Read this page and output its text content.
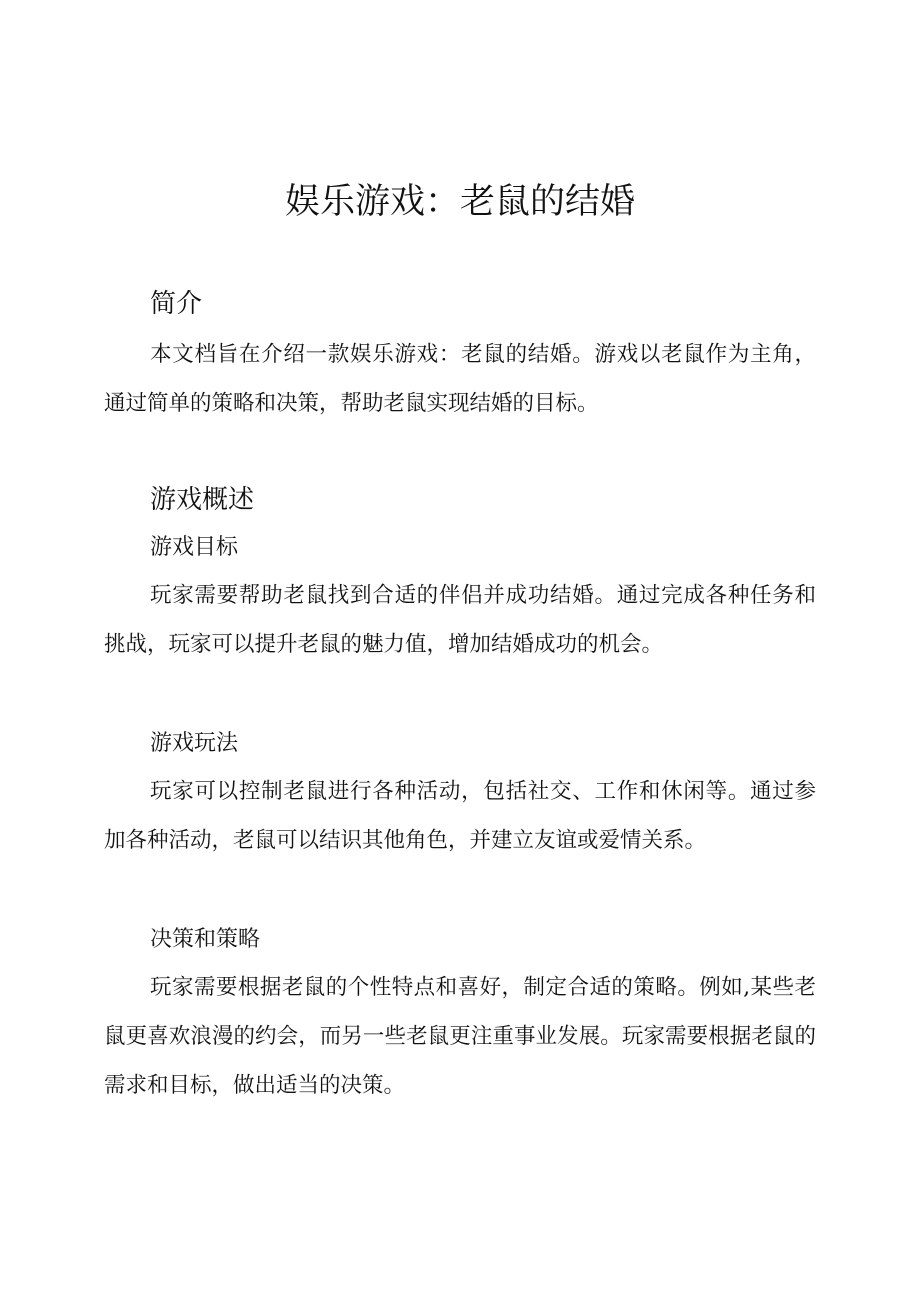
娱乐游戏：老鼠的结婚
简介

本文档旨在介绍一款娱乐游戏：老鼠的结婚。游戏以老鼠作为主角，通过简单的策略和决策，帮助老鼠实现结婚的目标。

游戏概述
游戏目标

玩家需要帮助老鼠找到合适的伴侣并成功结婚。通过完成各种任务和挑战，玩家可以提升老鼠的魅力值，增加结婚成功的机会。

游戏玩法

玩家可以控制老鼠进行各种活动，包括社交、工作和休闲等。通过参加各种活动，老鼠可以结识其他角色，并建立友谊或爱情关系。

决策和策略

玩家需要根据老鼠的个性特点和喜好，制定合适的策略。例如,某些老鼠更喜欢浪漫的约会，而另一些老鼠更注重事业发展。玩家需要根据老鼠的需求和目标，做出适当的决策。
